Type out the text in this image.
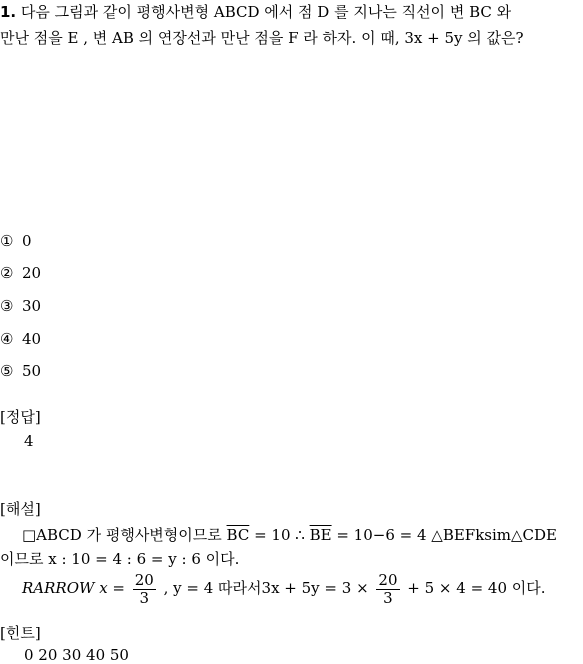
1. 다음 그림과 같이 평행사변형 ABCD 에서 점 D 를 지나는 직선이 변 BC 와
만난 점을 E , 변 AB 의 연장선과 만난 점을 F 라 하자. 이 때, 3x + 5y 의 값은?
① 0
② 20
③ 30
④ 40
⑤ 50
[정답]
4
[해설]
□ABCD 가 평행사변형이므로 $\overline{BC} = 10$ ∴ $\overline{BE} = 10-6 = 4$ △BEFksim△CDE
이므로 x : 10 = 4 : 6 = y : 6 이다.
RARROW $x = \frac{20}{3}$ , y = 4 따라서$3x + 5y = 3 \times \frac{20}{3} + 5 \times 4 = 40$ 이다.
[힌트]
0 20 30 40 50
